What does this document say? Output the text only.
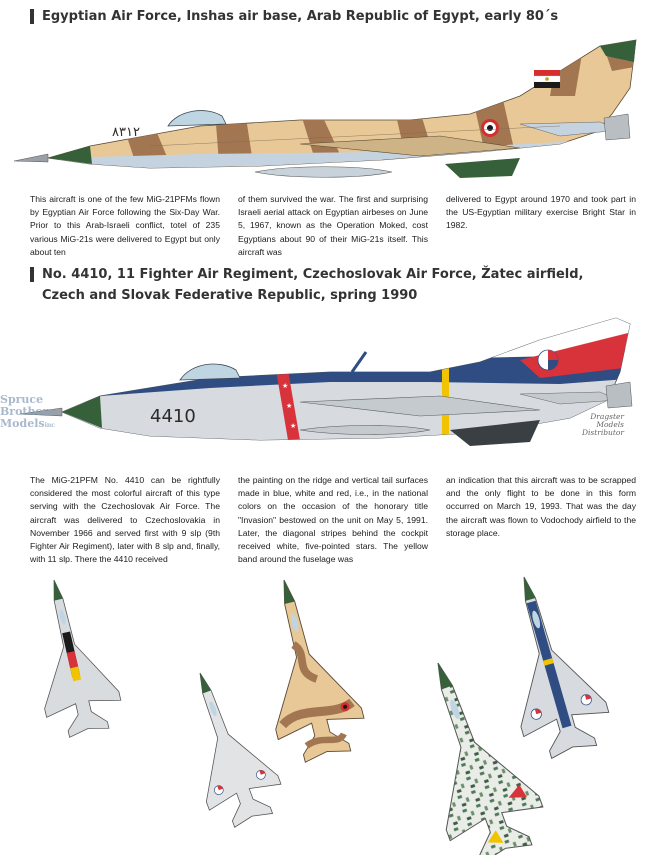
Egyptian Air Force, Inshas air base, Arab Republic of Egypt, early 80´s
٨٣١٢

This aircraft is one of the few MiG-21PFMs flown by Egyptian Air Force following the Six-Day War. Prior to this Arab-Israeli conflict, totel of 235 various MiG-21s were delivered to Egypt but only about ten

of them survived the war. The first and surprising Israeli aerial attack on Egyptian airbeses on June 5, 1967, known as the Operation Moked, cost Egyptians about 90 of their MiG-21s itself. This aircraft was

delivered to Egypt around 1970 and took part in the US-Egyptian military exercise Bright Star in 1982.

No. 4410, 11 Fighter Air Regiment, Czechoslovak Air Force, Žatec airfield,
Czech and Slovak Federative Republic, spring 1990
★
★
★
4410
Spruce
Brothers
Modelsinc
Dragster
Models
Distributor

The MiG-21PFM No. 4410 can be rightfully considered the most colorful aircraft of this type serving with the Czechoslovak Air Force. The aircraft was delivered to Czechoslovakia in November 1966 and served first with 9 slp (9th Fighter Air Regiment), later with 8 slp and, finally, with 11 slp. There the 4410 received

the painting on the ridge and vertical tail surfaces made in blue, white and red, i.e., in the national colors on the occasion of the honorary title "Invasion" bestowed on the unit on May 5, 1991. Later, the diagonal stripes behind the cockpit received white, five-pointed stars. The yellow band around the fuselage was

an indication that this aircraft was to be scrapped and the only flight to be done in this form occurred on March 19, 1993. That was the day the aircraft was flown to Vodochody airfield to the storage place.
